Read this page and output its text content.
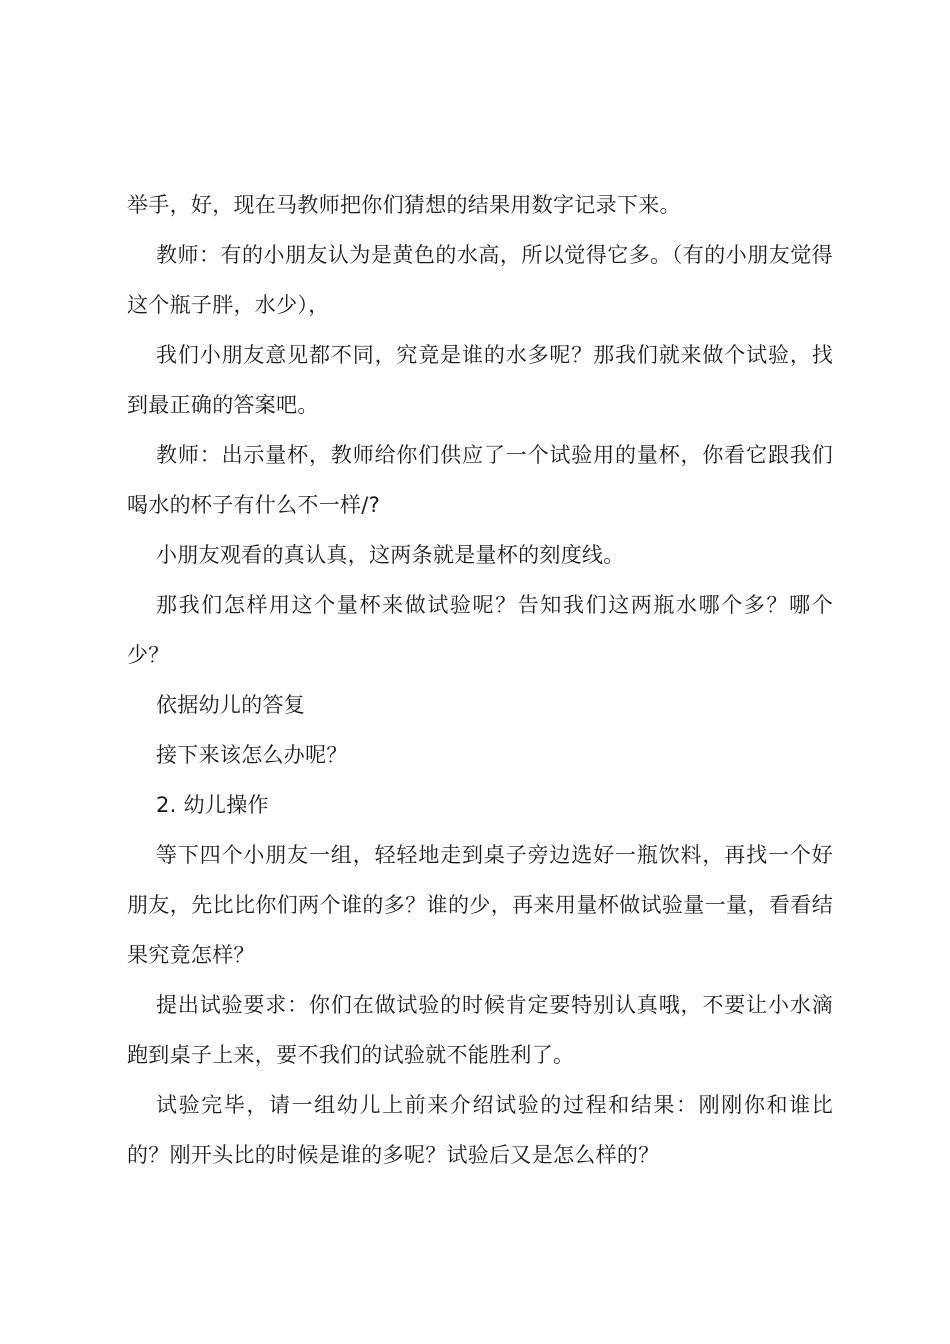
举手，好，现在马教师把你们猜想的结果用数字记录下来。

教师：有的小朋友认为是黄色的水高，所以觉得它多。（有的小朋友觉得这个瓶子胖，水少），

我们小朋友意见都不同，究竟是谁的水多呢？那我们就来做个试验，找到最正确的答案吧。

教师：出示量杯，教师给你们供应了一个试验用的量杯，你看它跟我们喝水的杯子有什么不一样/?

小朋友观看的真认真，这两条就是量杯的刻度线。

那我们怎样用这个量杯来做试验呢？告知我们这两瓶水哪个多？哪个少？

依据幼儿的答复

接下来该怎么办呢？

2. 幼儿操作

等下四个小朋友一组，轻轻地走到桌子旁边选好一瓶饮料，再找一个好朋友，先比比你们两个谁的多？谁的少，再来用量杯做试验量一量，看看结果究竟怎样？

提出试验要求：你们在做试验的时候肯定要特别认真哦，不要让小水滴跑到桌子上来，要不我们的试验就不能胜利了。

试验完毕，请一组幼儿上前来介绍试验的过程和结果：刚刚你和谁比的？刚开头比的时候是谁的多呢？试验后又是怎么样的？
